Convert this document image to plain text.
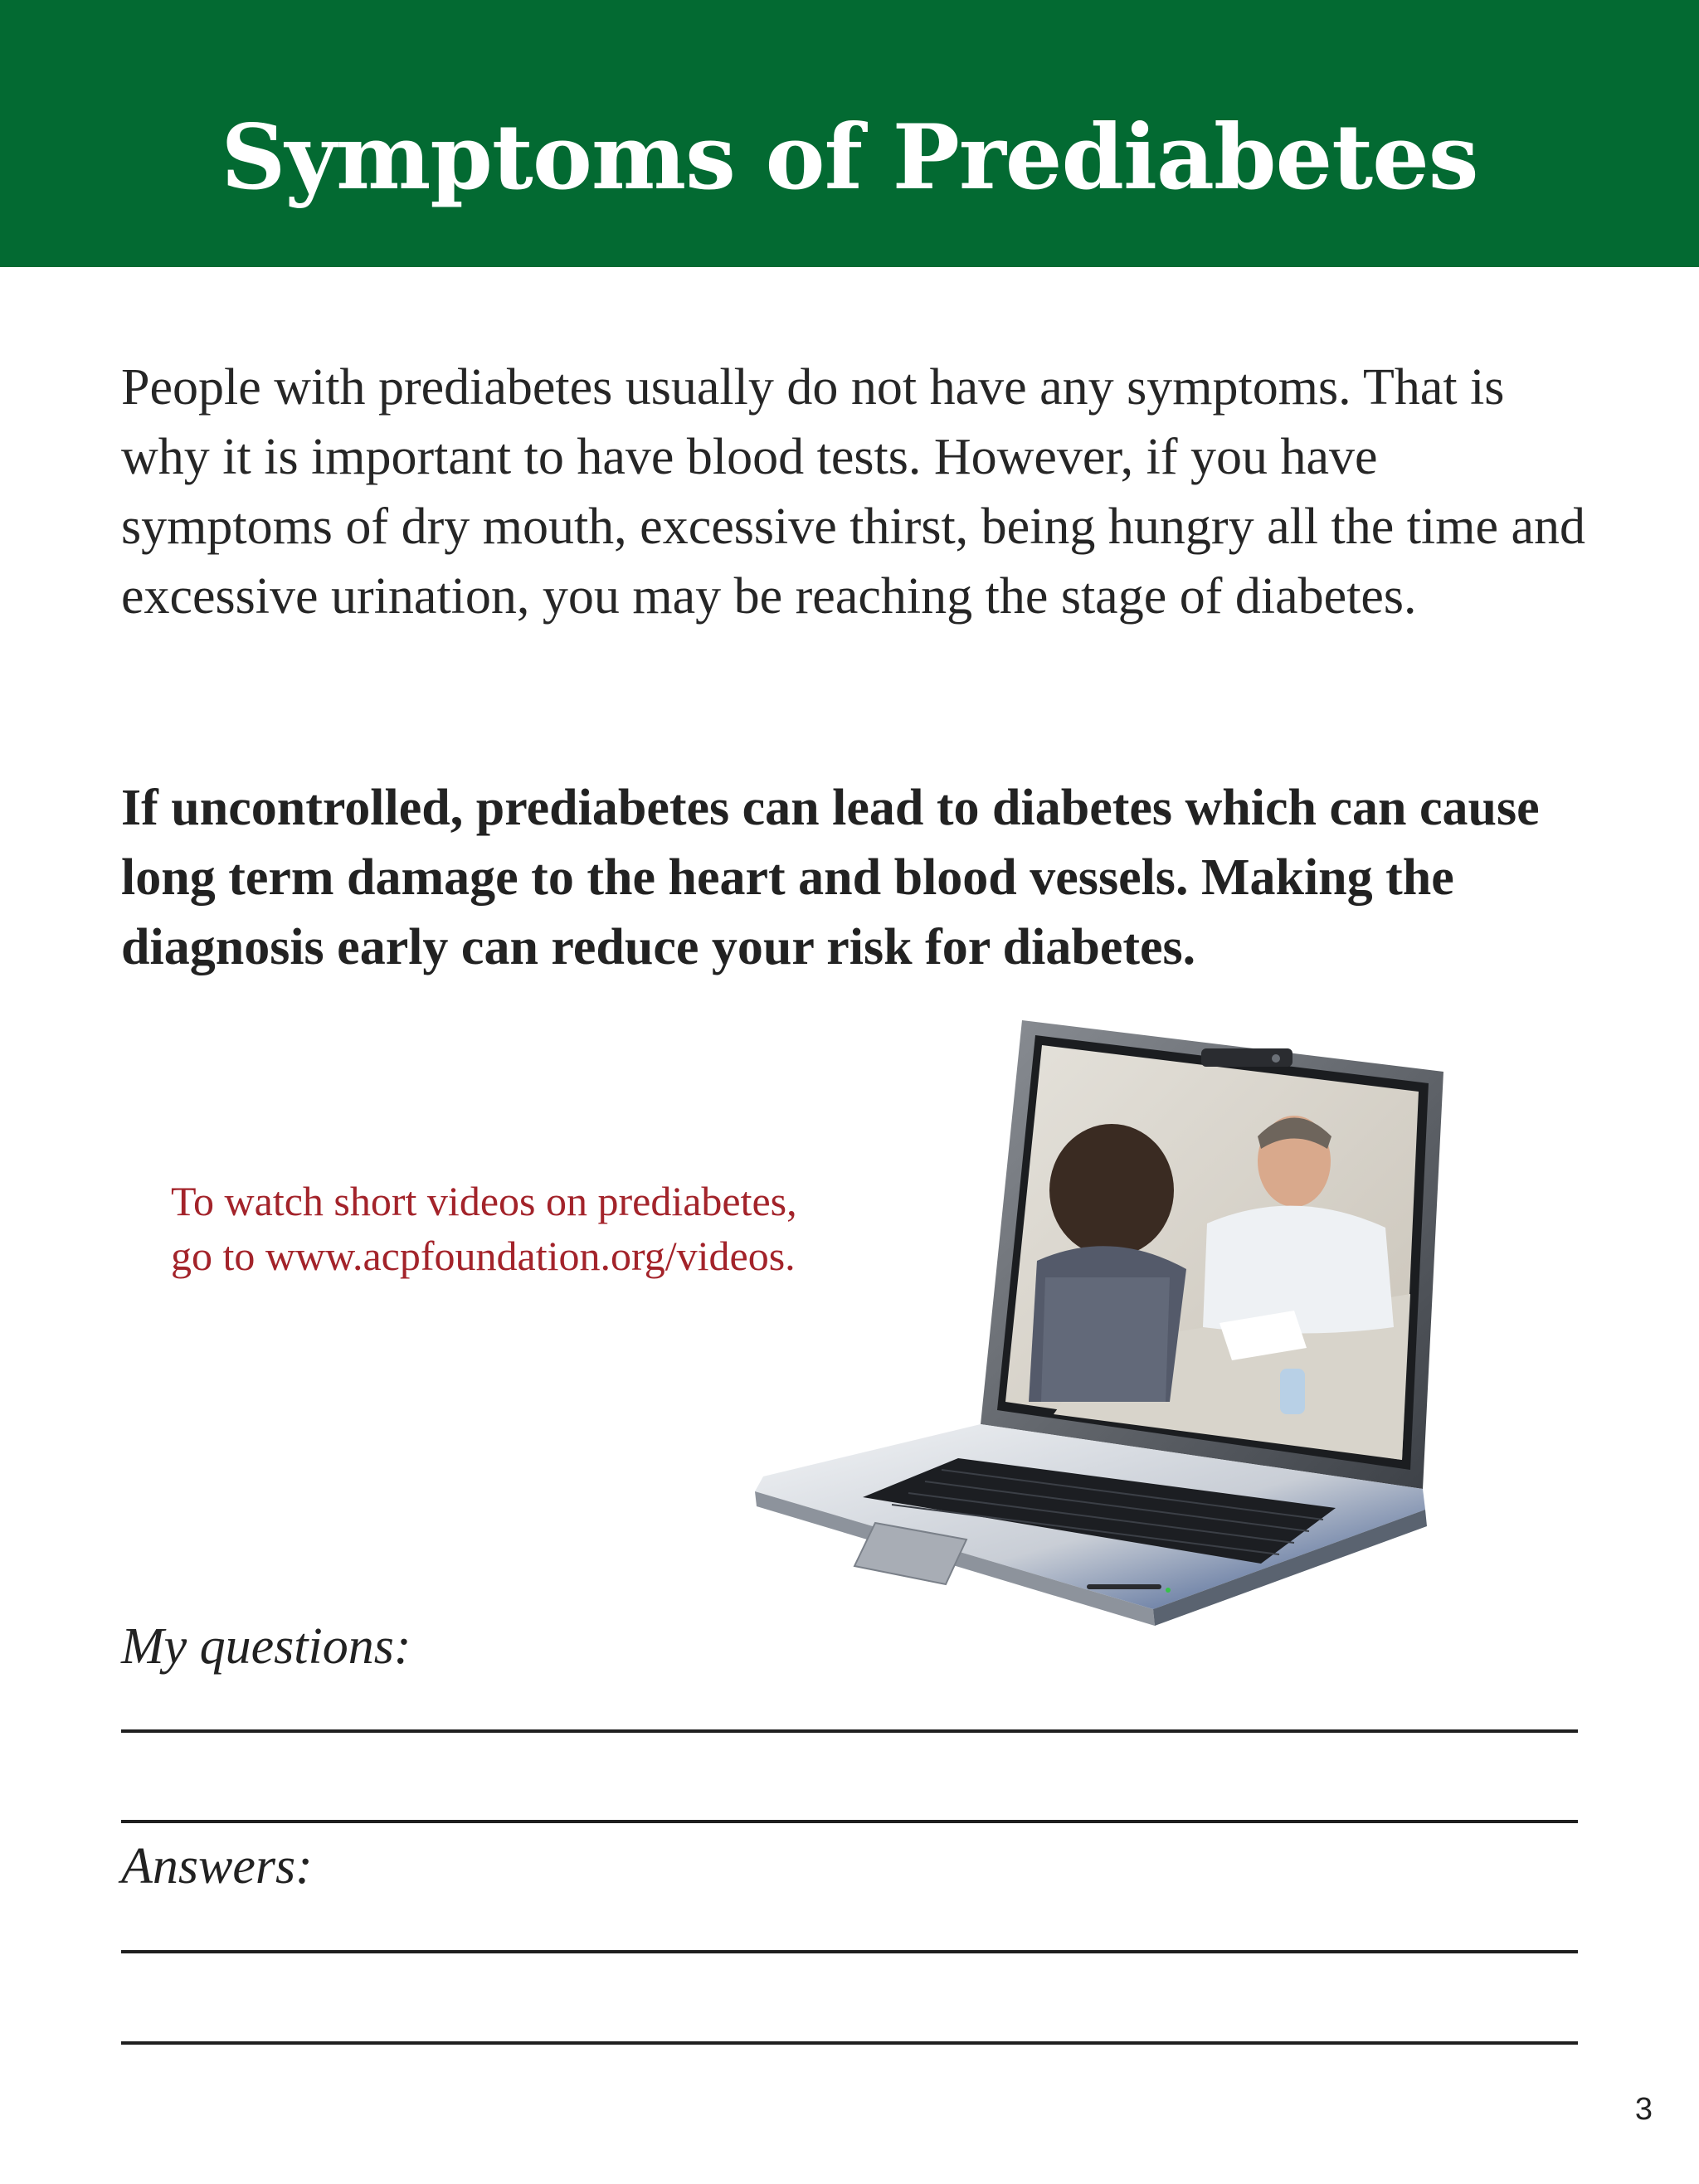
Symptoms of Prediabetes

People with prediabetes usually do not have any symptoms. That is why it is important to have blood tests. However, if you have symptoms of dry mouth, excessive thirst, being hungry all the time and excessive urination, you may be reaching the stage of diabetes.

If uncontrolled, prediabetes can lead to diabetes which can cause long term damage to the heart and blood vessels. Making the diagnosis early can reduce your risk for diabetes.

To watch short videos on prediabetes,
go to www.acpfoundation.org/videos.
My questions:
Answers:
3
